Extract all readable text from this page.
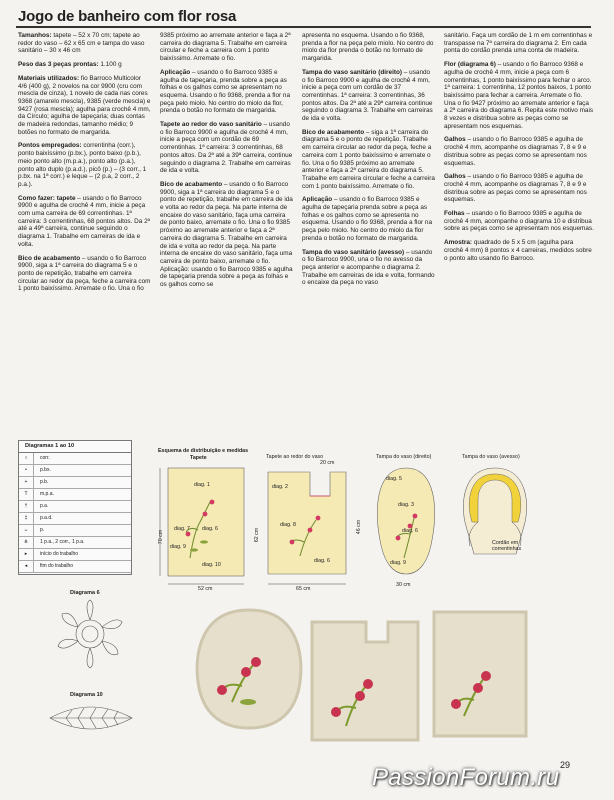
Jogo de banheiro com flor rosa

Tamanhos: tapete – 52 x 70 cm; tapete ao redor do vaso – 62 x 65 cm e tampa do vaso sanitário – 30 x 46 cm

Peso das 3 peças prontas: 1.100 g

Materiais utilizados: fio Barroco Multicolor 4/6 (400 g), 2 novelos na cor 9900 (cru com mescla de cinza), 1 novelo de cada nas cores 9368 (amarelo mescla), 9385 (verde mescla) e 9427 (rosa mescla); agulha para crochê 4 mm, da Círculo; agulha de tapeçaria; duas contas de madeira redondas, tamanho médio; 9 botões no formato de margarida.

Pontos empregados: correntinha (corr.), ponto baixíssimo (p.bx.), ponto baixo (p.b.), meio ponto alto (m.p.a.), ponto alto (p.a.), ponto alto duplo (p.a.d.), picô (p.) – (3 corr., 1 p.bx. na 1ª corr.) e leque – (2 p.a, 2 corr., 2 p.a.).

Como fazer: tapete – usando o fio Barroco 9900 e agulha de crochê 4 mm, inicie a peça com uma carreira de 69 correntinhas. 1ª carreira: 3 correntinhas, 68 pontos altos. Da 2ª até a 49ª carreira, continue seguindo o diagrama 1. Trabalhe em carreiras de ida e volta.

Bico de acabamento – usando o fio Barroco 9900, siga a 1ª carreira do diagrama 5 e o ponto de repetição, trabalhe em carreira circular ao redor da peça, feche a carreira com 1 ponto baixíssimo. Arremate o fio. Una o fio

9385 próximo ao arremate anterior e faça a 2ª carreira do diagrama 5. Trabalhe em carreira circular e feche a carreira com 1 ponto baixíssimo. Arremate o fio.

Aplicação – usando o fio Barroco 9385 e agulha de tapeçaria, prenda sobre a peça as folhas e os galhos como se apresentam no esquema. Usando o fio 9368, prenda a flor na peça pelo miolo. No centro do miolo da flor, prenda o botão no formato de margarida.

Tapete ao redor do vaso sanitário – usando o fio Barroco 9900 e agulha de crochê 4 mm, inicie a peça com um cordão de 69 correntinhas. 1ª carreira: 3 correntinhas, 68 pontos altos. Da 2ª até a 39ª carreira, continue seguindo o diagrama 2. Trabalhe em carreiras de ida e volta.

Bico de acabamento – usando o fio Barroco 9900, siga a 1ª carreira do diagrama 5 e o ponto de repetição, trabalhe em carreira de ida e volta ao redor da peça. Na parte interna de encaixe do vaso sanitário, faça uma carreira de ponto baixo, arremate o fio. Una o fio 9385 próximo ao arremate anterior e faça a 2ª carreira do diagrama 5. Trabalhe em carreira de ida e volta ao redor da peça. Na parte interna de encaixe do vaso sanitário, faça uma carreira de ponto baixo, arremate o fio. Aplicação: usando o fio Barroco 9385 e agulha de tapeçaria prenda sobre a peça as folhas e os galhos como se

apresenta no esquema. Usando o fio 9368, prenda a flor na peça pelo miolo. No centro do miolo da flor prenda o botão no formato de margarida.

Tampa do vaso sanitário (direito) – usando o fio Barroco 9900 e agulha de crochê 4 mm, inicie a peça com um cordão de 37 correntinhas. 1ª carreira: 3 correntinhas, 36 pontos altos. Da 2ª até a 29ª carreira continue seguindo o diagrama 3. Trabalhe em carreiras de ida e volta.

Bico de acabamento – siga a 1ª carreira do diagrama 5 e o ponto de repetição. Trabalhe em carreira circular ao redor da peça, feche a carreira com 1 ponto baixíssimo e arremate o fio. Una o fio 9385 próximo ao arremate anterior e faça a 2ª carreira do diagrama 5. Trabalhe em carreira circular e feche a carreira com 1 ponto baixíssimo. Arremate o fio.

Aplicação – usando o fio Barroco 9385 e agulha de tapeçaria prenda sobre a peça as folhas e os galhos como se apresenta no esquema. Usando o fio 9368, prenda a flor na peça pelo miolo. No centro do miolo da flor prenda o botão no formato de margarida.

Tampa do vaso sanitário (avesso) – usando o fio Barroco 9900, una o fio no avesso da peça anterior e acompanhe o diagrama 2. Trabalhe em carreiras de ida e volta, formando o encaixe da peça no vaso

sanitário. Faça um cordão de 1 m em correntinhas e transpasse na 7ª carreira do diagrama 2. Em cada ponta do cordão prenda uma conta de madeira.

Flor (diagrama 6) – usando o fio Barroco 9368 e agulha de crochê 4 mm, inicie a peça com 6 correntinhas, 1 ponto baixíssimo para fechar o arco. 1ª carreira: 1 correntinha, 12 pontos baixos, 1 ponto baixíssimo para fechar a carreira. Arremate o fio. Una o fio 9427 próximo ao arremate anterior e faça a 2ª carreira do diagrama 6. Repita este motivo mais 8 vezes e distribua sobre as peças como se apresentam nos esquemas.

Galhos – usando o fio Barroco 9385 e agulha de crochê 4 mm, acompanhe os diagramas 7, 8 e 9 e distribua sobre as peças como se apresentam nos esquemas.

Galhos – usando o fio Barroco 9385 e agulha de crochê 4 mm, acompanhe os diagramas 7, 8 e 9 e distribua sobre as peças como se apresentam nos esquemas.

Folhas – usando o fio Barroco 9385 e agulha de crochê 4 mm, acompanhe o diagrama 10 e distribua sobre as peças como se apresentam nos esquemas.

Amostra: quadrado de 5 x 5 cm (agulha para crochê 4 mm) 8 pontos x 4 carreiras, medidos sobre o ponto alto usando fio Barroco.

Diagramas 1 ao 10
○	corr.
•	p.bx.
+	p.b.
T	m.p.a.
†	p.a.
‡	p.a.d.
ᴗ	p.
⋔	1 p.a., 2 corr., 1 p.a.
▸	início do trabalho
◂	fim do trabalho
Diagrama 6
Diagrama 10
Esquema de distribuição e medidas
Tapete
70 cm
52 cm
diag. 1
diag. 7 diag. 6
diag. 9
diag. 10
Tapete ao redor do vaso
20 cm
diag. 2
62 cm
65 cm
diag. 8
diag. 6
Tampa do vaso (direito)
46 cm
30 cm
diag. 5
diag. 3
diag. 6
diag. 9
Tampa do vaso (avesso)
Cordão em correntinhas
29
PassionForum.ru
